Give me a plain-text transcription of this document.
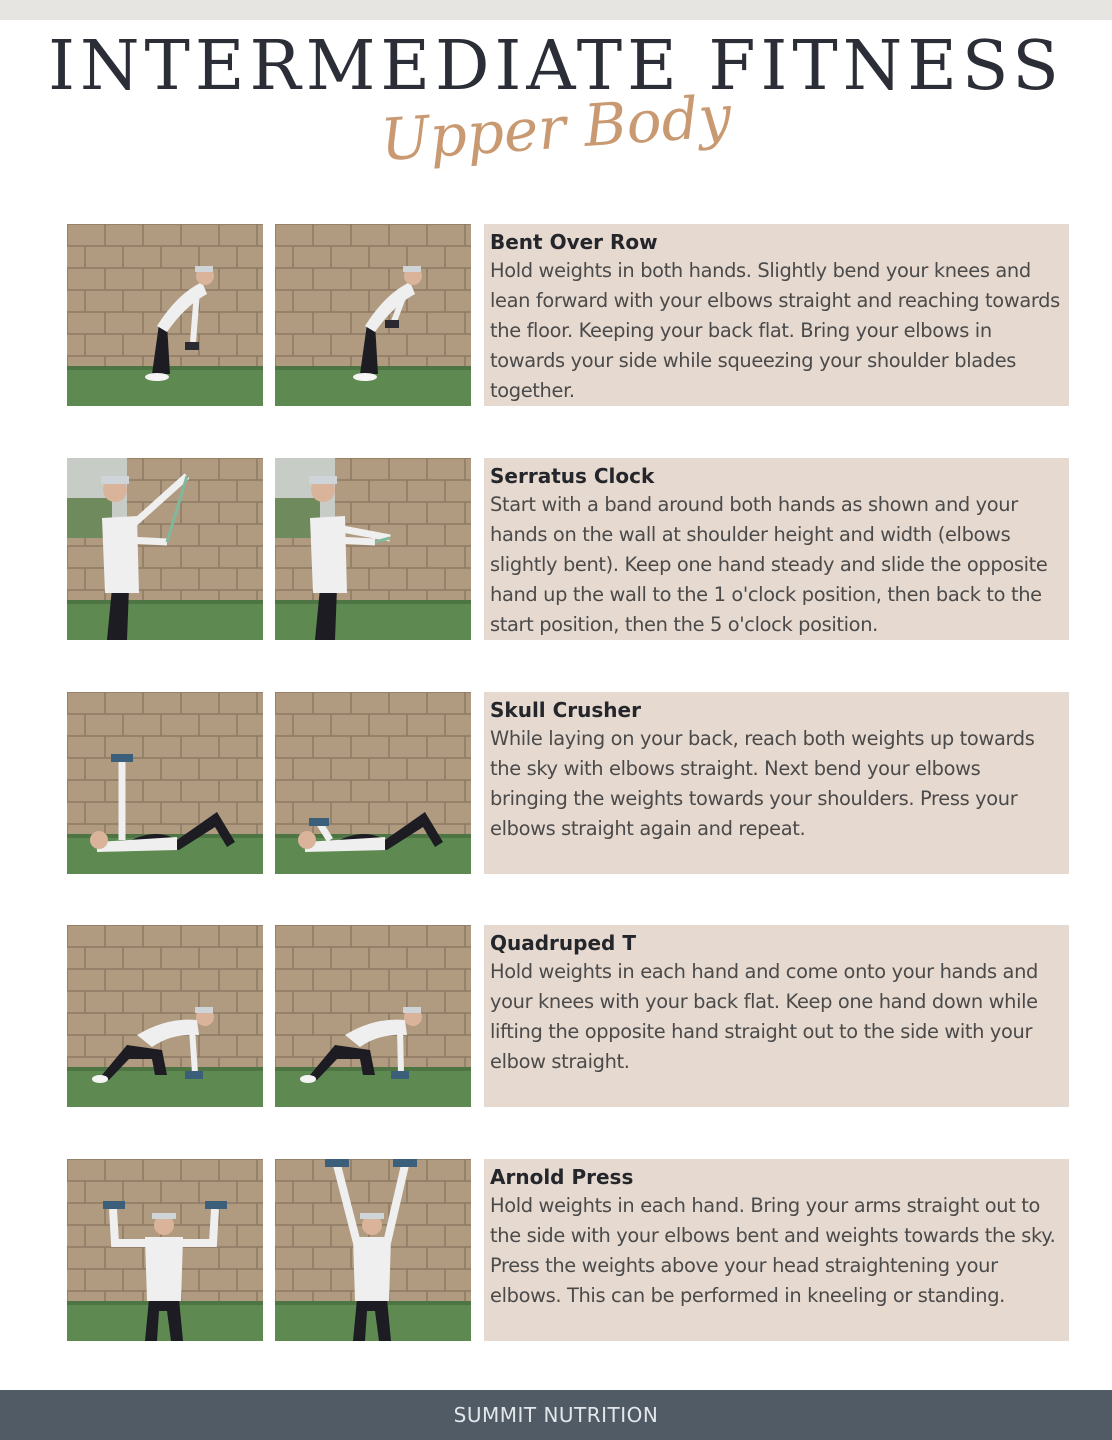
INTERMEDIATE FITNESS
Upper Body
Bent Over Row
Hold weights in both hands. Slightly bend your knees and lean forward with your elbows straight and reaching towards the floor. Keeping your back flat. Bring your elbows in towards your side while squeezing your shoulder blades together.
Serratus Clock
Start with a band around both hands as shown and your hands on the wall at shoulder height and width (elbows slightly bent). Keep one hand steady and slide the opposite hand up the wall to the 1 o'clock position, then back to the start position, then the 5 o'clock position.
Skull Crusher
While laying on your back, reach both weights up towards the sky with elbows straight. Next bend your elbows bringing the weights towards your shoulders. Press your elbows straight again and repeat.
Quadruped T
Hold weights in each hand and come onto your hands and your knees with your back flat. Keep one hand down while lifting the opposite hand straight out to the side with your elbow straight.
Arnold Press
Hold weights in each hand. Bring your arms straight out to the side with your elbows bent and weights towards the sky. Press the weights above your head straightening your elbows. This can be performed in kneeling or standing.
SUMMIT NUTRITION
